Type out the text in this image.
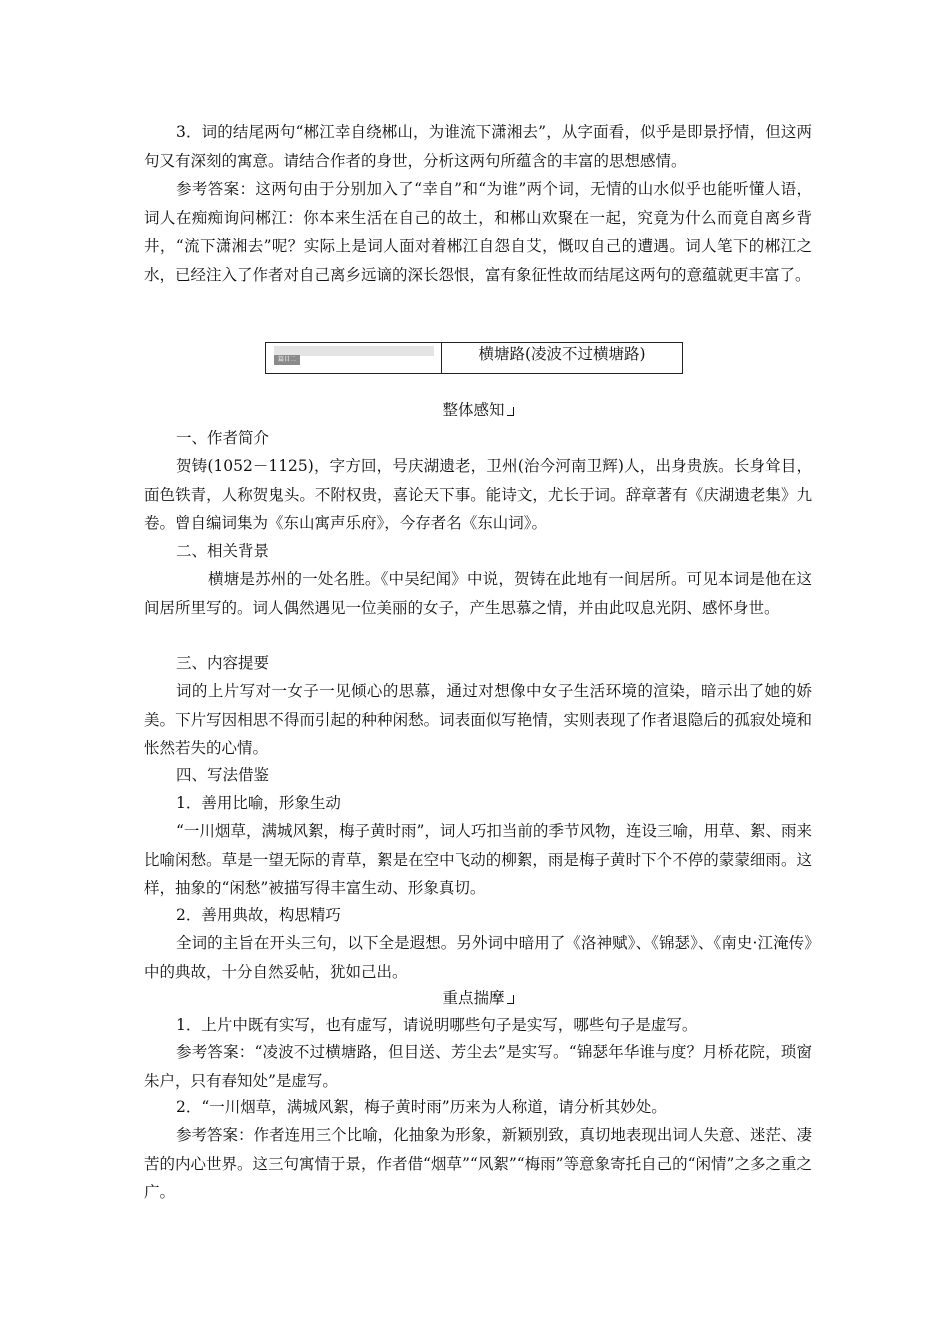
3．词的结尾两句“郴江幸自绕郴山，为谁流下潇湘去”，从字面看，似乎是即景抒情，但这两句又有深刻的寓意。请结合作者的身世，分析这两句所蕴含的丰富的思想感情。

参考答案：这两句由于分别加入了“幸自”和“为谁”两个词，无情的山水似乎也能听懂人语，词人在痴痴询问郴江：你本来生活在自己的故土，和郴山欢聚在一起，究竟为什么而竟自离乡背井，“流下潇湘去”呢？实际上是词人面对着郴江自怨自艾，慨叹自己的遭遇。词人笔下的郴江之水，已经注入了作者对自己离乡远谪的深长怨恨，富有象征性故而结尾这两句的意蕴就更丰富了。

篇目二	横塘路(凌波不过横塘路)
整体感知

一、作者简介

贺铸(1052－1125)，字方回，号庆湖遗老，卫州(治今河南卫辉)人，出身贵族。长身耸目，面色铁青，人称贺鬼头。不附权贵，喜论天下事。能诗文，尤长于词。辞章著有《庆湖遗老集》九卷。曾自编词集为《东山寓声乐府》，今存者名《东山词》。

二、相关背景

横塘是苏州的一处名胜。《中吴纪闻》中说，贺铸在此地有一间居所。可见本词是他在这间居所里写的。词人偶然遇见一位美丽的女子，产生思慕之情，并由此叹息光阴、感怀身世。

三、内容提要

词的上片写对一女子一见倾心的思慕，通过对想像中女子生活环境的渲染，暗示出了她的娇美。下片写因相思不得而引起的种种闲愁。词表面似写艳情，实则表现了作者退隐后的孤寂处境和怅然若失的心情。

四、写法借鉴

1．善用比喻，形象生动

“一川烟草，满城风絮，梅子黄时雨”，词人巧扣当前的季节风物，连设三喻，用草、絮、雨来比喻闲愁。草是一望无际的青草，絮是在空中飞动的柳絮，雨是梅子黄时下个不停的蒙蒙细雨。这样，抽象的“闲愁”被描写得丰富生动、形象真切。

2．善用典故，构思精巧

全词的主旨在开头三句，以下全是遐想。另外词中暗用了《洛神赋》、《锦瑟》、《南史·江淹传》中的典故，十分自然妥帖，犹如己出。

重点揣摩

1．上片中既有实写，也有虚写，请说明哪些句子是实写，哪些句子是虚写。

参考答案：“凌波不过横塘路，但目送、芳尘去”是实写。“锦瑟年华谁与度？月桥花院，琐窗朱户，只有春知处”是虚写。

2．“一川烟草，满城风絮，梅子黄时雨”历来为人称道，请分析其妙处。

参考答案：作者连用三个比喻，化抽象为形象，新颖别致，真切地表现出词人失意、迷茫、凄苦的内心世界。这三句寓情于景，作者借“烟草”“风絮”“梅雨”等意象寄托自己的“闲情”之多之重之广。
